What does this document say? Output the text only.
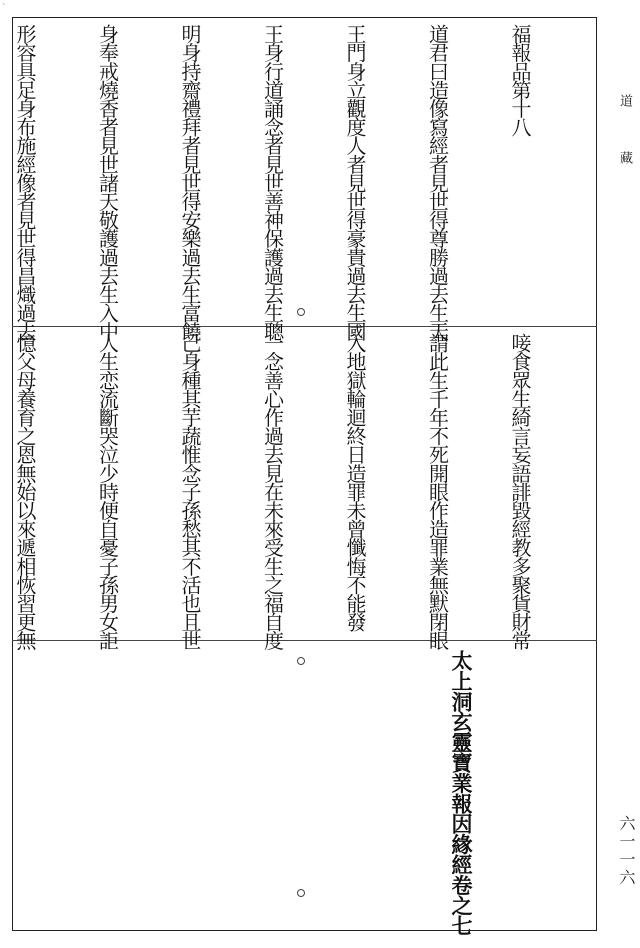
ˋ

福報品第十八

道君曰造像寫經者見世得尊勝過去生天

王門身立觀度人者見世得豪貴過去生國

王身行道誦念者見世善神保護過去生聰

明身持齋禮拜者見世得安樂過去生富饒

身奉戒燒香者見世諸天敬護過去生入中

形容具足身布施經像者見世得昌熾過去

唼食眾生綺言妄語誹毀經教多聚貨財常

謂此生千年不死開眼作造罪業無默閉眼

入地獄輪迴終日造罪未曾懺悔不能發

一念善心作過去見在未來受生之福自度

己身種其芋蔬惟念子孫愁其不活也且世

人生恋流斷哭泣少時便自憂子孫男女詎

憶父母養育之恩無始以來遞相恢習更無

太上洞玄靈寶業報因緣經卷之七

道藏
六一一六
